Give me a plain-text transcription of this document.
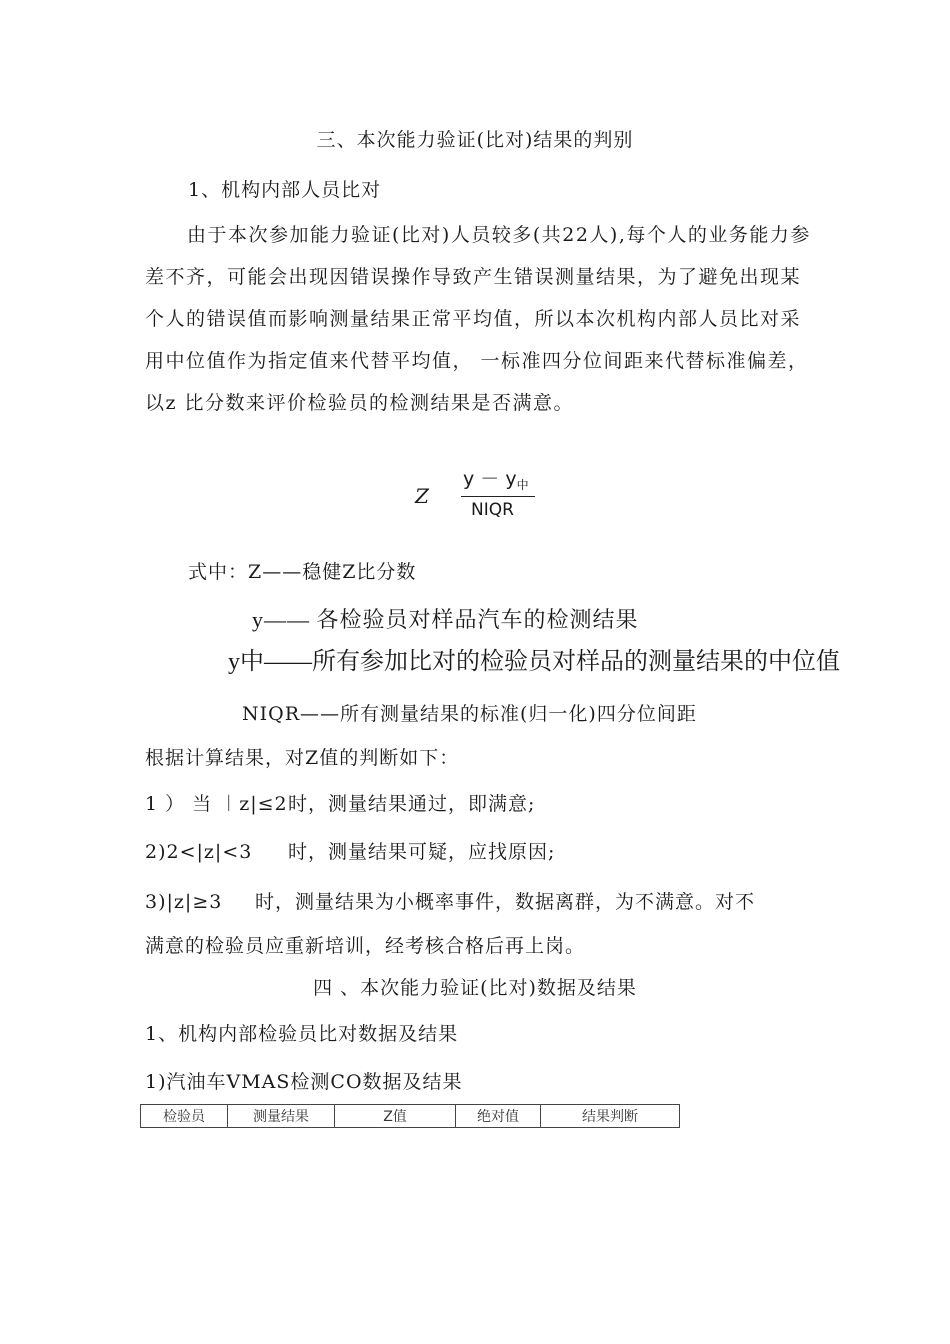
三、本次能力验证(比对)结果的判别
1、机构内部人员比对
由于本次参加能力验证(比对)人员较多(共22人),每个人的业务能力参差不齐，可能会出现因错误操作导致产生错误测量结果，为了避免出现某个人的错误值而影响测量结果正常平均值，所以本次机构内部人员比对采用中位值作为指定值来代替平均值， 一标准四分位间距来代替标准偏差，以z 比分数来评价检验员的检测结果是否满意。
Z
$y - y_中$
NIQR
式中：Z——稳健Z比分数
y—— 各检验员对样品汽车的检测结果
y中——所有参加比对的检验员对样品的测量结果的中位值
NIQR——所有测量结果的标准(归一化)四分位间距
根据计算结果，对Z值的判断如下：
1 ） 当 ︱z|≤2 时，测量结果通过，即满意;
2)2<|z|<3 时，测量结果可疑，应找原因;
3)|z|≥3 时，测量结果为小概率事件，数据离群，为不满意。对不
满意的检验员应重新培训，经考核合格后再上岗。
四 、本次能力验证(比对)数据及结果
1、机构内部检验员比对数据及结果
1)汽油车VMAS检测CO数据及结果
检验员	测量结果	Z值	绝对值	结果判断
